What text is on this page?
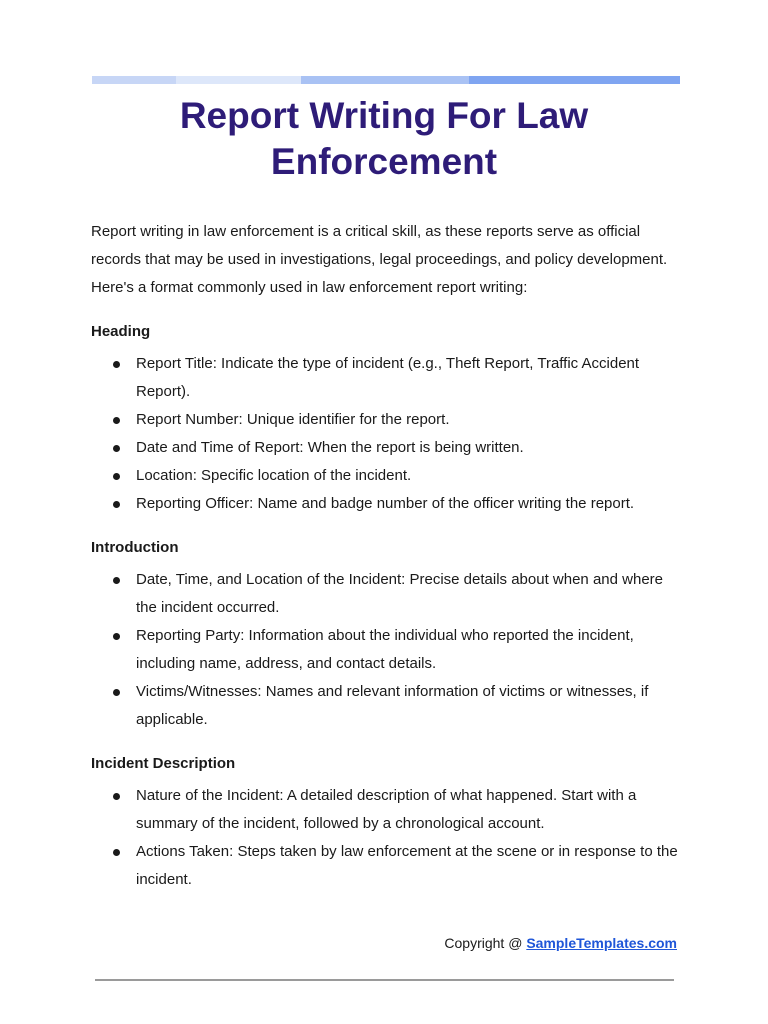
Report Writing For Law Enforcement

Report writing in law enforcement is a critical skill, as these reports serve as official records that may be used in investigations, legal proceedings, and policy development. Here's a format commonly used in law enforcement report writing:

Heading
Report Title: Indicate the type of incident (e.g., Theft Report, Traffic Accident Report).
Report Number: Unique identifier for the report.
Date and Time of Report: When the report is being written.
Location: Specific location of the incident.
Reporting Officer: Name and badge number of the officer writing the report.
Introduction
Date, Time, and Location of the Incident: Precise details about when and where the incident occurred.
Reporting Party: Information about the individual who reported the incident, including name, address, and contact details.
Victims/Witnesses: Names and relevant information of victims or witnesses, if applicable.
Incident Description
Nature of the Incident: A detailed description of what happened. Start with a summary of the incident, followed by a chronological account.
Actions Taken: Steps taken by law enforcement at the scene or in response to the incident.
Copyright @ SampleTemplates.com
